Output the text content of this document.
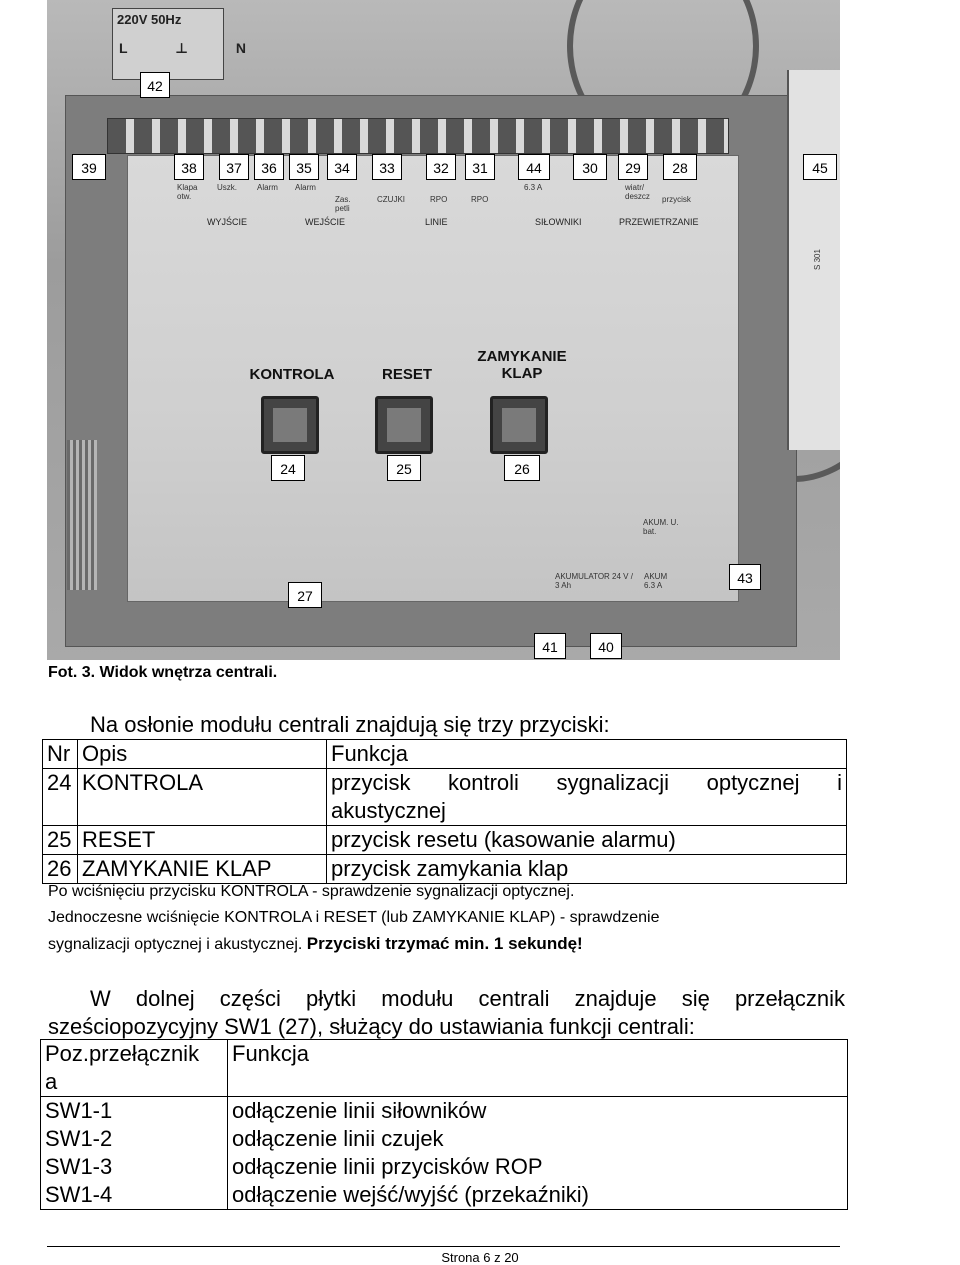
220V 50Hz
L ⊥ N
S 301
Klapa otw.
Uszk.	Alarm Alarm
Zas. petli
CZUJKI	RPO	RPO
6.3 A	wiatr/ deszcz przycisk
WYJŚCIE	WEJŚCIE	LINIE	SIŁOWNIKI	PRZEWIETRZANIE
KONTROLA	RESET
ZAMYKANIE KLAP
AKUM. U. bat.
AKUMULATOR 24 V / 3 Ah
AKUM 6.3 A
42
39	38	37	36	35	34	33	32	31	44	30	29	28	45
24	25	26
43
27
41	40
Fot. 3. Widok wnętrza centrali.
Na osłonie modułu centrali znajdują się trzy przyciski:
Nr	Opis	Funkcja
24	KONTROLA	przycisk kontroli sygnalizacji optycznej i
akustycznej
25	RESET	przycisk resetu (kasowanie alarmu)
26	ZAMYKANIE KLAP	przycisk zamykania klap
Po wciśnięciu przycisku KONTROLA - sprawdzenie sygnalizacji optycznej.
Jednoczesne wciśnięcie KONTROLA i RESET (lub ZAMYKANIE KLAP) - sprawdzenie
sygnalizacji optycznej i akustycznej. Przyciski trzymać min. 1 sekundę!
W dolnej części płytki modułu centrali znajduje się przełącznik
sześciopozycyjny SW1 (27), służący do ustawiania funkcji centrali:
Poz.przełącznik a	Funkcja
SW1-1	odłączenie linii siłowników
SW1-2	odłączenie linii czujek
SW1-3	odłączenie linii przycisków ROP
SW1-4	odłączenie wejść/wyjść (przekaźniki)
Strona 6 z 20
